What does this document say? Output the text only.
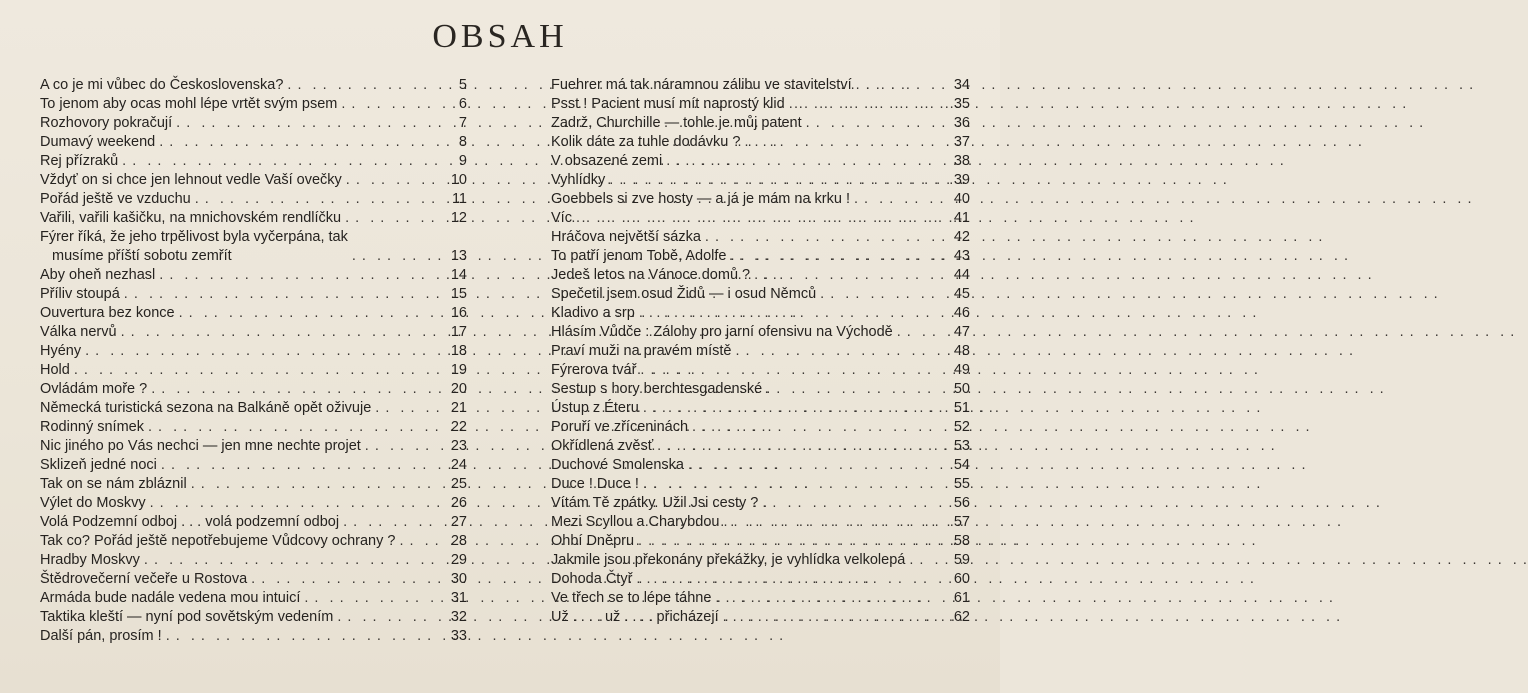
OBSAH
A co je mi vůbec do Československa? . .	5
To jenom aby ocas mohl lépe vrtět svým psem . .	6
Rozhovory pokračují . .	7
Dumavý weekend . .	8
Rej přízraků . .	9
Vždyť on si chce jen lehnout vedle Vaší ovečky . .	10
Pořád ještě ve vzduchu . .	11
Vařili, vařili kašičku, na mnichovském rendlíčku . .	12
Fýrer říká, že jeho trpělivost byla vyčerpána, tak
musíme příští sobotu zemřít . .	13
Aby oheň nezhasl . .	14
Příliv stoupá . .	15
Ouvertura bez konce . .	16
Válka nervů . .	17
Hyény . .	18
Hold . .	19
Ovládám moře ? . .	20
Německá turistická sezona na Balkáně opět oživuje . .	21
Rodinný snímek . .	22
Nic jiného po Vás nechci — jen mne nechte projet . .	23
Sklizeň jedné noci . .	24
Tak on se nám zbláznil . .	25
Výlet do Moskvy . .	26
Volá Podzemní odboj . . . volá podzemní odboj . .	27
Tak co? Pořád ještě nepotřebujeme Vůdcovy ochrany ? . .	28
Hradby Moskvy . .	29
Štědrovečerní večeře u Rostova . .	30
Armáda bude nadále vedena mou intuicí . .	31
Taktika kleští — nyní pod sovětským vedením . .	32
Další pán, prosím ! . .	33
Fuehrer má tak náramnou zálibu ve stavitelství . .	34
Psst ! Pacient musí mít naprostý klid . .	35
Zadrž, Churchille — tohle je můj patent . .	36
Kolik dáte za tuhle dodávku ? . .	37
V obsazené zemi . .	38
Vyhlídky . .	39
Goebbels si zve hosty — a já je mám na krku ! . .	40
Víc . .	41
Hráčova největší sázka . .	42
To patří jenom Tobě, Adolfe . .	43
Jedeš letos na Vánoce domů ? . .	44
Spečetil jsem osud Židů — i osud Němců . .	45
Kladivo a srp . .	46
Hlásím Vůdče : Zálohy pro jarní ofensivu na Východě . .	47
Praví muži na pravém místě . .	48
Fýrerova tvář . .	49
Sestup s hory berchtesgadenské . .	50
Ústup z Éteru . .	51
Poruří ve zříceninách . .	52
Okřídlená zvěsť . .	53
Duchové Smolenska . .	54
Duce ! Duce ! . .	55
Vítám Tě zpátky. Užil Jsi cesty ? . .	56
Mezi Scyllou a Charybdou . .	57
Ohbí Dněpru . .	58
Jakmile jsou překonány překážky, je vyhlídka velkolepá . .	59
Dohoda Čtyř . .	60
Ve třech se to lépe táhne . .	61
Už . . . . už . . . . přicházejí . .	62
